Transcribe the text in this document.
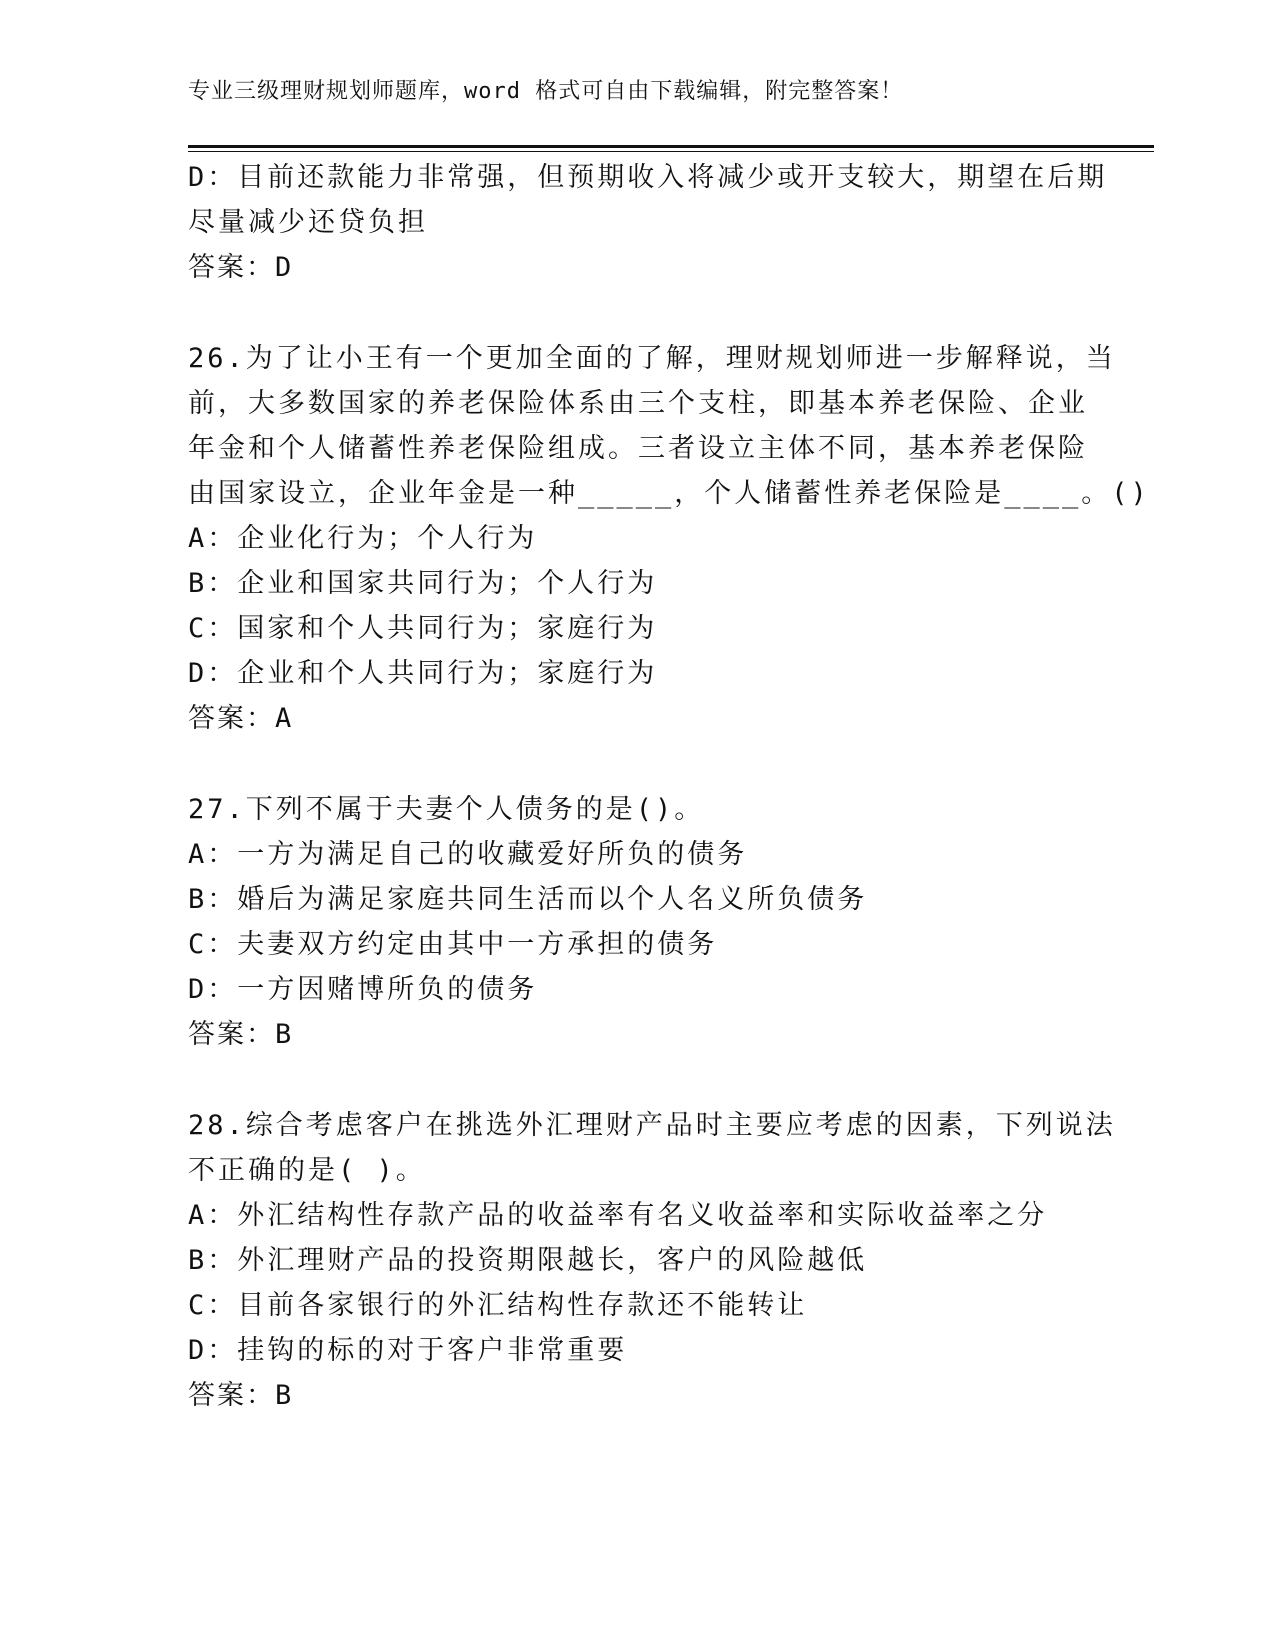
专业三级理财规划师题库，word 格式可自由下载编辑，附完整答案！
D：目前还款能力非常强，但预期收入将减少或开支较大，期望在后期
尽量减少还贷负担
答案：D
26.为了让小王有一个更加全面的了解，理财规划师进一步解释说，当
前，大多数国家的养老保险体系由三个支柱，即基本养老保险、企业
年金和个人储蓄性养老保险组成。三者设立主体不同，基本养老保险
由国家设立，企业年金是一种_____，个人储蓄性养老保险是____。()
A：企业化行为；个人行为
B：企业和国家共同行为；个人行为
C：国家和个人共同行为；家庭行为
D：企业和个人共同行为；家庭行为
答案：A
27.下列不属于夫妻个人债务的是()。
A：一方为满足自己的收藏爱好所负的债务
B：婚后为满足家庭共同生活而以个人名义所负债务
C：夫妻双方约定由其中一方承担的债务
D：一方因赌博所负的债务
答案：B
28.综合考虑客户在挑选外汇理财产品时主要应考虑的因素，下列说法
不正确的是( )。
A：外汇结构性存款产品的收益率有名义收益率和实际收益率之分
B：外汇理财产品的投资期限越长，客户的风险越低
C：目前各家银行的外汇结构性存款还不能转让
D：挂钩的标的对于客户非常重要
答案：B
